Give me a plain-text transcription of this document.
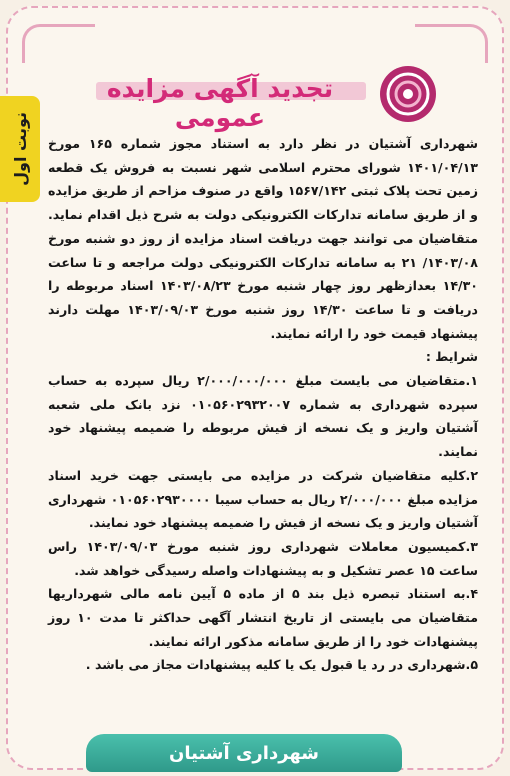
نوبت اول
تجدید آگهی مزایده عمومی

شهرداری آشتیان در نظر دارد به استناد مجوز شماره ۱۶۵ مورخ ۱۴۰۱/۰۴/۱۳ شورای محترم اسلامی شهر نسبت به فروش یک قطعه زمین تحت پلاک ثبتی ۱۵۶۷/۱۴۲ واقع در صنوف مزاحم از طریق مزایده و از طریق سامانه تدارکات الکترونیکی دولت به شرح ذیل اقدام نماید. متقاضیان می توانند جهت دریافت اسناد مزایده از روز دو شنبه مورخ ۱۴۰۳/۰۸/ ۲۱ به سامانه تدارکات الکترونیکی دولت مراجعه و تا ساعت ۱۴/۳۰ بعدازظهر روز چهار شنبه مورخ ۱۴۰۳/۰۸/۲۳ اسناد مربوطه را دریافت و تا ساعت ۱۴/۳۰ روز شنبه مورخ ۱۴۰۳/۰۹/۰۳ مهلت دارند پیشنهاد قیمت خود را ارائه نمایند.

شرایط :

۱.متقاضیان می بایست مبلغ ۲/۰۰۰/۰۰۰/۰۰۰ ریال سپرده به حساب سپرده شهرداری به شماره ۰۱۰۵۶۰۲۹۳۲۰۰۷ نزد بانک ملی شعبه آشتیان واریز و یک نسخه از فیش مربوطه را ضمیمه پیشنهاد خود نمایند.

۲.کلیه متقاضیان شرکت در مزایده می بایستی جهت خرید اسناد مزایده مبلغ ۲/۰۰۰/۰۰۰ ریال به حساب سیبا ۰۱۰۵۶۰۲۹۳۰۰۰۰ شهرداری آشتیان واریز و یک نسخه از فیش را ضمیمه پیشنهاد خود نمایند.

۳.کمیسیون معاملات شهرداری روز شنبه مورخ ۱۴۰۳/۰۹/۰۳ راس ساعت ۱۵ عصر تشکیل و به پیشنهادات واصله رسیدگی خواهد شد.

۴.به استناد تبصره ذیل بند ۵ از ماده ۵ آیین نامه مالی شهرداریها متقاضیان می بایستی از تاریخ انتشار آگهی حداکثر تا مدت ۱۰ روز پیشنهادات خود را از طریق سامانه مذکور ارائه نمایند.

۵.شهرداری در رد یا قبول یک یا کلیه پیشنهادات مجاز می باشد .

شهرداری آشتیان
